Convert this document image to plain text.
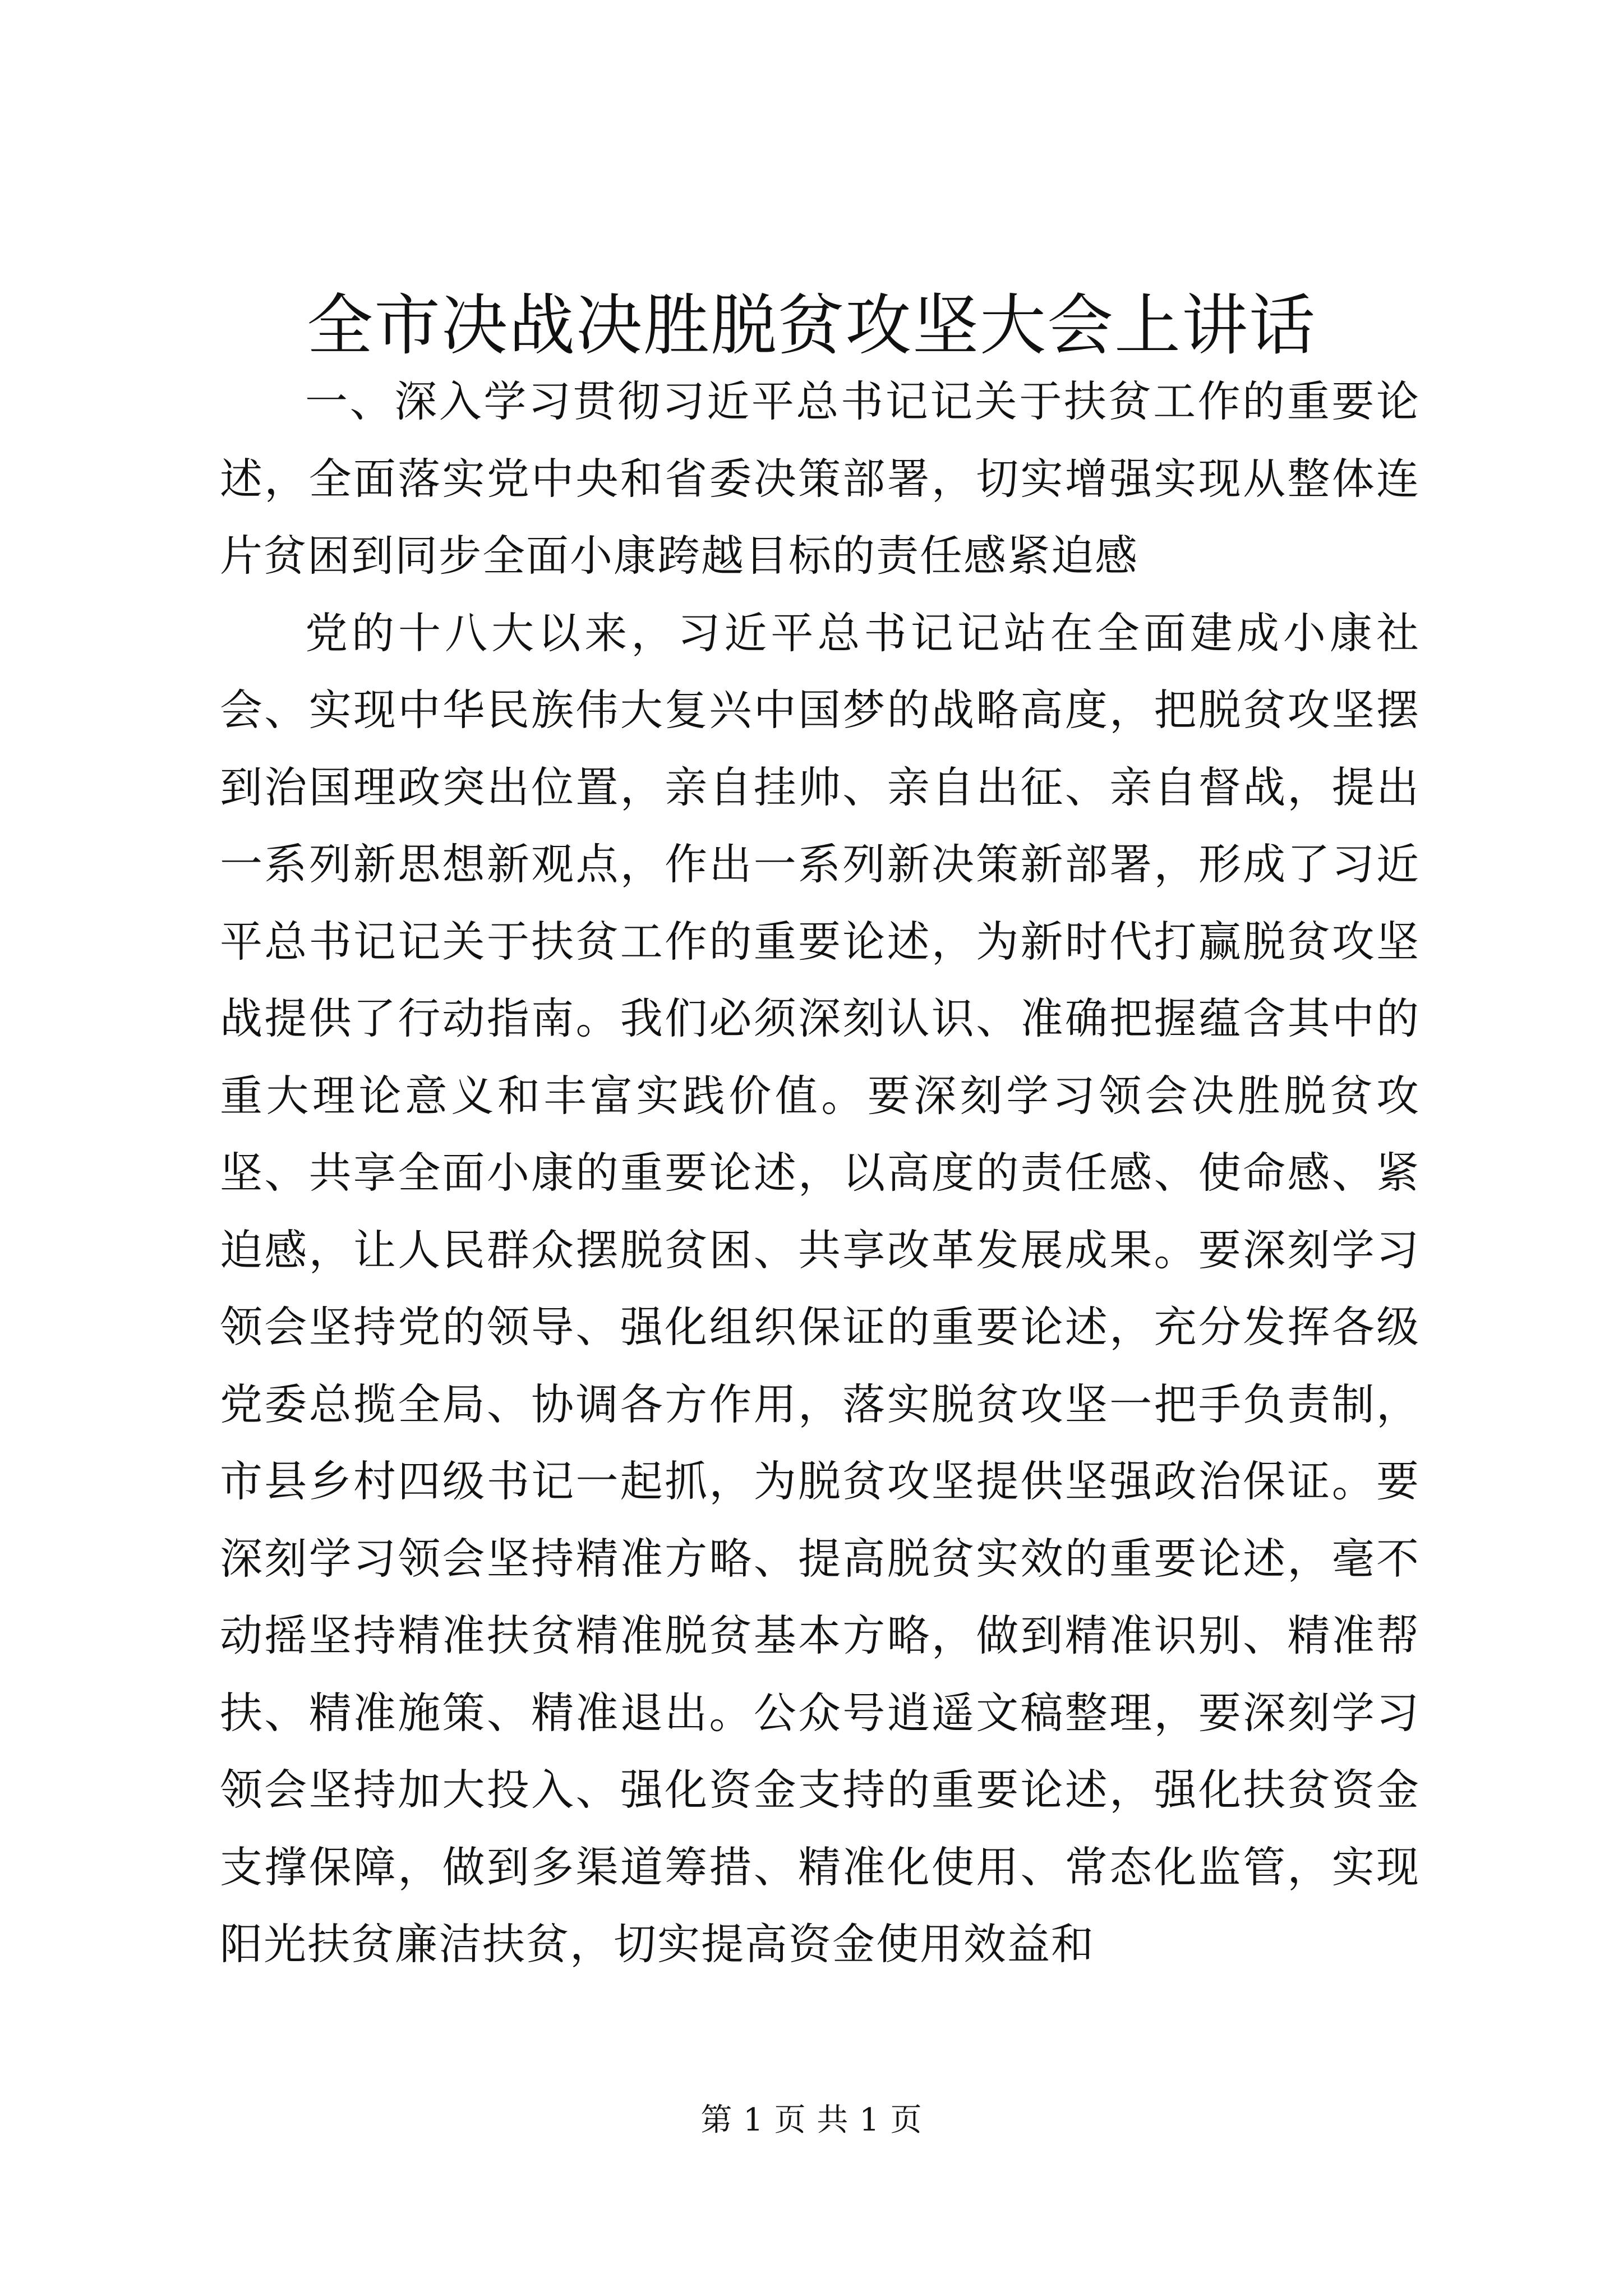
全市决战决胜脱贫攻坚大会上讲话

一、深入学习贯彻习近平总书记记关于扶贫工作的重要论述，全面落实党中央和省委决策部署，切实增强实现从整体连片贫困到同步全面小康跨越目标的责任感紧迫感

党的十八大以来，习近平总书记记站在全面建成小康社会、实现中华民族伟大复兴中国梦的战略高度，把脱贫攻坚摆到治国理政突出位置，亲自挂帅、亲自出征、亲自督战，提出一系列新思想新观点，作出一系列新决策新部署，形成了习近平总书记记关于扶贫工作的重要论述，为新时代打赢脱贫攻坚战提供了行动指南。我们必须深刻认识、准确把握蕴含其中的重大理论意义和丰富实践价值。要深刻学习领会决胜脱贫攻坚、共享全面小康的重要论述，以高度的责任感、使命感、紧迫感，让人民群众摆脱贫困、共享改革发展成果。要深刻学习领会坚持党的领导、强化组织保证的重要论述，充分发挥各级党委总揽全局、协调各方作用，落实脱贫攻坚一把手负责制，市县乡村四级书记一起抓，为脱贫攻坚提供坚强政治保证。要深刻学习领会坚持精准方略、提高脱贫实效的重要论述，毫不动摇坚持精准扶贫精准脱贫基本方略，做到精准识别、精准帮扶、精准施策、精准退出。公众号逍遥文稿整理，要深刻学习领会坚持加大投入、强化资金支持的重要论述，强化扶贫资金支撑保障，做到多渠道筹措、精准化使用、常态化监管，实现阳光扶贫廉洁扶贫，切实提高资金使用效益和

第 1 页 共 1 页
